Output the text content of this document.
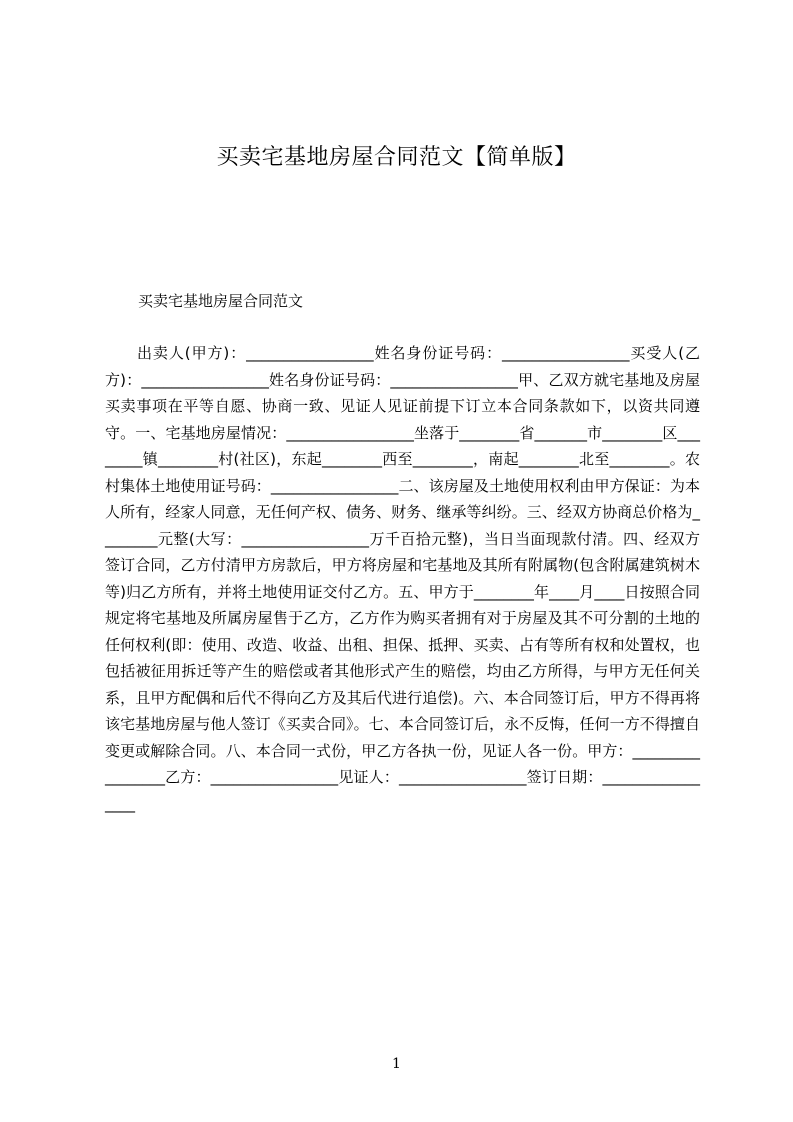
买卖宅基地房屋合同范文【简单版】
买卖宅基地房屋合同范文

出卖人(甲方)：_________________姓名身份证号码：_________________买受人(乙方)：_________________姓名身份证号码：_________________甲、乙双方就宅基地及房屋买卖事项在平等自愿、协商一致、见证人见证前提下订立本合同条款如下，以资共同遵守。一、宅基地房屋情况：_________________坐落于________省_______市________区________镇________村(社区)，东起________西至________，南起________北至________。农村集体土地使用证号码：_________________二、该房屋及土地使用权利由甲方保证：为本人所有，经家人同意，无任何产权、债务、财务、继承等纠纷。三、经双方协商总价格为________元整(大写：_________________万千百拾元整)，当日当面现款付清。四、经双方签订合同，乙方付清甲方房款后，甲方将房屋和宅基地及其所有附属物(包含附属建筑树木等)归乙方所有，并将土地使用证交付乙方。五、甲方于________年____月____日按照合同规定将宅基地及所属房屋售于乙方，乙方作为购买者拥有对于房屋及其不可分割的土地的任何权利(即：使用、改造、收益、出租、担保、抵押、买卖、占有等所有权和处置权，也包括被征用拆迁等产生的赔偿或者其他形式产生的赔偿，均由乙方所得，与甲方无任何关系，且甲方配偶和后代不得向乙方及其后代进行追偿)。六、本合同签订后，甲方不得再将该宅基地房屋与他人签订《买卖合同》。七、本合同签订后，永不反悔，任何一方不得擅自变更或解除合同。八、本合同一式份，甲乙方各执一份，见证人各一份。甲方：_________________乙方：_________________见证人：_________________签订日期：_________________

1
